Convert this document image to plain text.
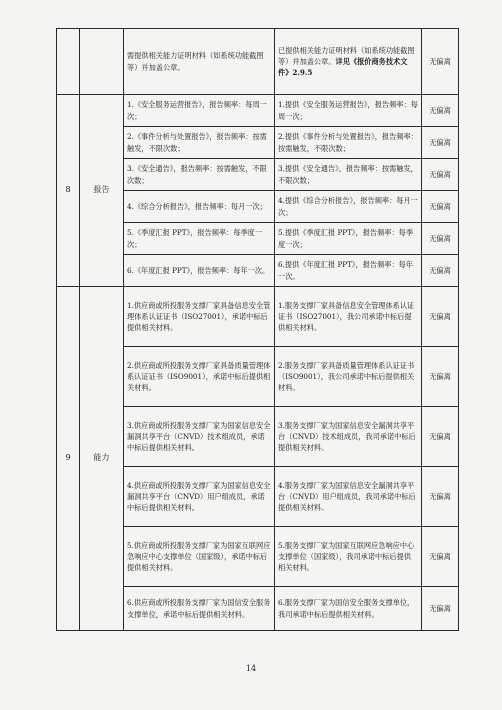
		需提供相关能力证明材料（如系统功能截图等）并加盖公章。	已提供相关能力证明材料（如系统功能截图等）并加盖公章。详见《报价商务技术文件》2.9.5	无偏离
8	报告	1.《安全服务运营报告》，报告频率：每周一次；	1.提供《安全服务运营报告》，报告频率：每周一次；	无偏离
		2.《事件分析与处置报告》，报告频率：按需触发，不限次数；	2.提供《事件分析与处置报告》，报告频率：按需触发，不限次数；	无偏离
		3.《安全通告》，报告频率：按需触发，不限次数；	3.提供《安全通告》，报告频率：按需触发，不限次数；	无偏离
		4.《综合分析报告》，报告频率：每月一次；	4.提供《综合分析报告》，报告频率：每月一次；	无偏离
		5.《季度汇报 PPT》，报告频率：每季度一次；	5.提供《季度汇报 PPT》，报告频率：每季度一次；	无偏离
		6.《年度汇报 PPT》，报告频率：每年一次。	6.提供《年度汇报 PPT》，报告频率：每年一次。	无偏离
9	能力	1.供应商或所投服务支撑厂家具备信息安全管理体系认证证书（ISO27001），承诺中标后提供相关材料。	1.服务支撑厂家具备信息安全管理体系认证证书（ISO27001），我公司承诺中标后提供相关材料。	无偏离
		2.供应商或所投服务支撑厂家具备质量管理体系认证证书（ISO9001），承诺中标后提供相关材料。	2.服务支撑厂家具备质量管理体系认证证书（ISO9001），我公司承诺中标后提供相关材料。	无偏离
		3.供应商或所投服务支撑厂家为国家信息安全漏洞共享平台（CNVD）技术组成员，承诺中标后提供相关材料。	3.服务支撑厂家为国家信息安全漏洞共享平台（CNVD）技术组成员，我司承诺中标后提供相关材料。	无偏离
		4.供应商或所投服务支撑厂家为国家信息安全漏洞共享平台（CNVD）用户组成员，承诺中标后提供相关材料。	4.服务支撑厂家为国家信息安全漏洞共享平台（CNVD）用户组成员，我司承诺中标后提供相关材料。	无偏离
		5.供应商或所投服务支撑厂家为国家互联网应急响应中心支撑单位（国家级），承诺中标后提供相关材料。	5.服务支撑厂家为国家互联网应急响应中心支撑单位（国家级），我司承诺中标后提供相关材料。	无偏离
		6.供应商或所投服务支撑厂家为国信安全服务支撑单位，承诺中标后提供相关材料。	6.服务支撑厂家为国信安全服务支撑单位，我司承诺中标后提供相关材料。	无偏离
14
